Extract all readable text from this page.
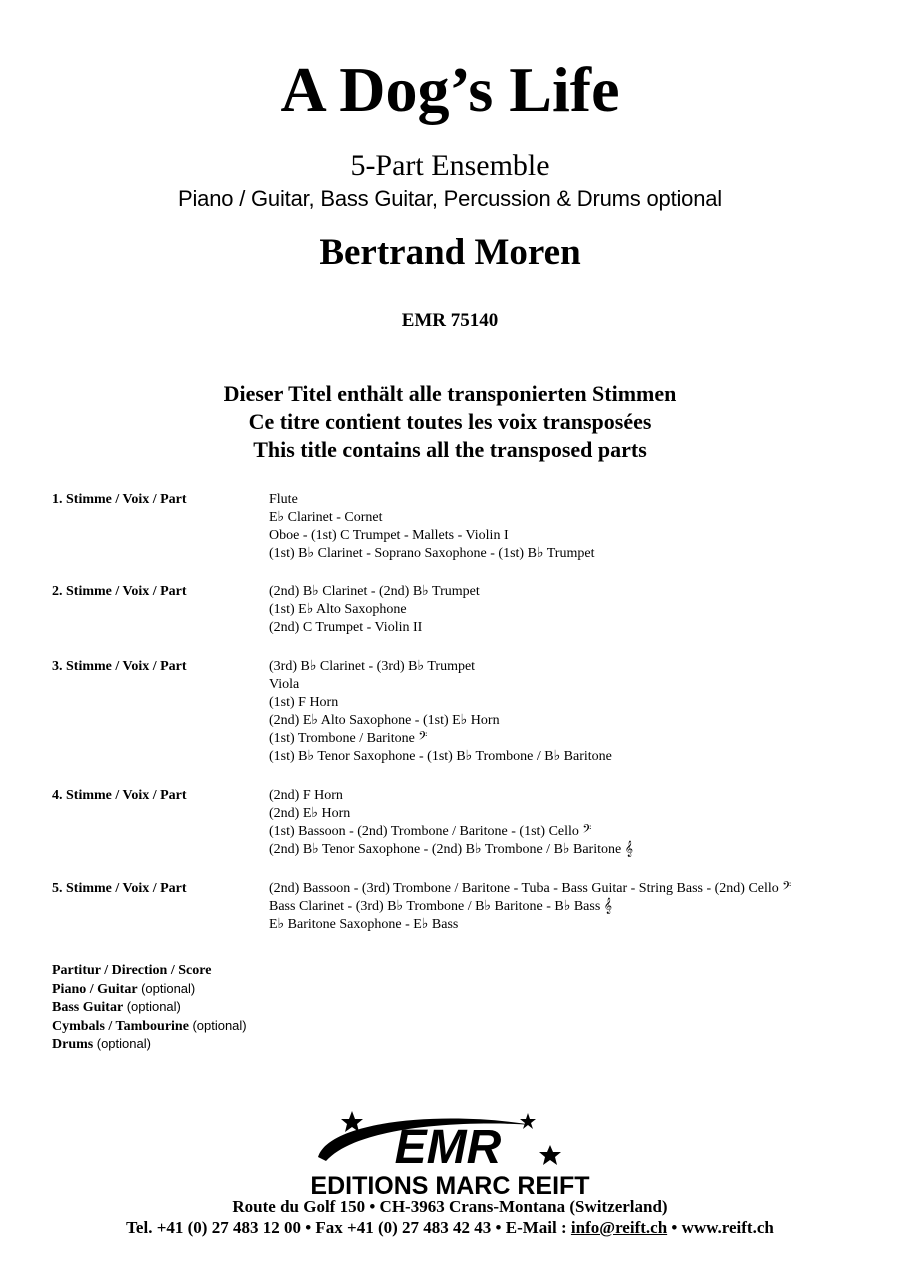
A Dog’s Life
5-Part Ensemble
Piano / Guitar, Bass Guitar, Percussion & Drums optional
Bertrand Moren
EMR 75140
Dieser Titel enthält alle transponierten Stimmen
Ce titre contient toutes les voix transposées
This title contains all the transposed parts
1. Stimme / Voix / Part	Flute
E♭ Clarinet - Cornet
Oboe - (1st) C Trumpet - Mallets - Violin I
(1st) B♭ Clarinet - Soprano Saxophone - (1st) B♭ Trumpet
2. Stimme / Voix / Part	(2nd) B♭ Clarinet - (2nd) B♭ Trumpet
(1st) E♭ Alto Saxophone
(2nd) C Trumpet - Violin II
3. Stimme / Voix / Part	(3rd) B♭ Clarinet - (3rd) B♭ Trumpet
Viola
(1st) F Horn
(2nd) E♭ Alto Saxophone - (1st) E♭ Horn
(1st) Trombone / Baritone 𝄢
(1st) B♭ Tenor Saxophone - (1st) B♭ Trombone / B♭ Baritone
4. Stimme / Voix / Part	(2nd) F Horn
(2nd) E♭ Horn
(1st) Bassoon - (2nd) Trombone / Baritone - (1st) Cello 𝄢
(2nd) B♭ Tenor Saxophone - (2nd) B♭ Trombone / B♭ Baritone 𝄞
5. Stimme / Voix / Part	(2nd) Bassoon - (3rd) Trombone / Baritone - Tuba - Bass Guitar - String Bass - (2nd) Cello 𝄢
Bass Clarinet - (3rd) B♭ Trombone / B♭ Baritone - B♭ Bass 𝄞
E♭ Baritone Saxophone - E♭ Bass
Partitur / Direction / Score
Piano / Guitar (optional)
Bass Guitar (optional)
Cymbals / Tambourine (optional)
Drums (optional)
EMR
EDITIONS MARC REIFT
Route du Golf 150 • CH-3963 Crans-Montana (Switzerland)
Tel. +41 (0) 27 483 12 00 • Fax +41 (0) 27 483 42 43 • E-Mail : info@reift.ch • www.reift.ch
